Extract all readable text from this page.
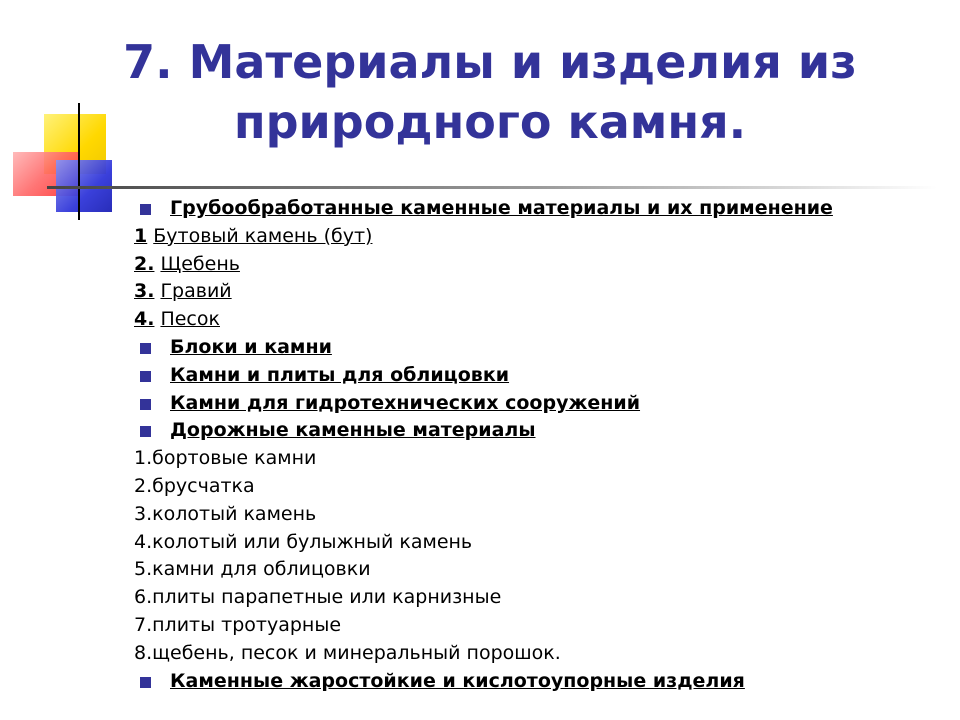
7. Материалы и изделия из
природного камня.
Грубообработанные каменные материалы и их применение
1 Бутовый камень (бут)
2. Щебень
3. Гравий
4. Песок
Блоки и камни
Камни и плиты для облицовки
Камни для гидротехнических сооружений
Дорожные каменные материалы
1.бортовые камни
2.брусчатка
3.колотый камень
4.колотый или булыжный камень
5.камни для облицовки
6.плиты парапетные или карнизные
7.плиты тротуарные
8.щебень, песок и минеральный порошок.
Каменные жаростойкие и кислотоупорные изделия
